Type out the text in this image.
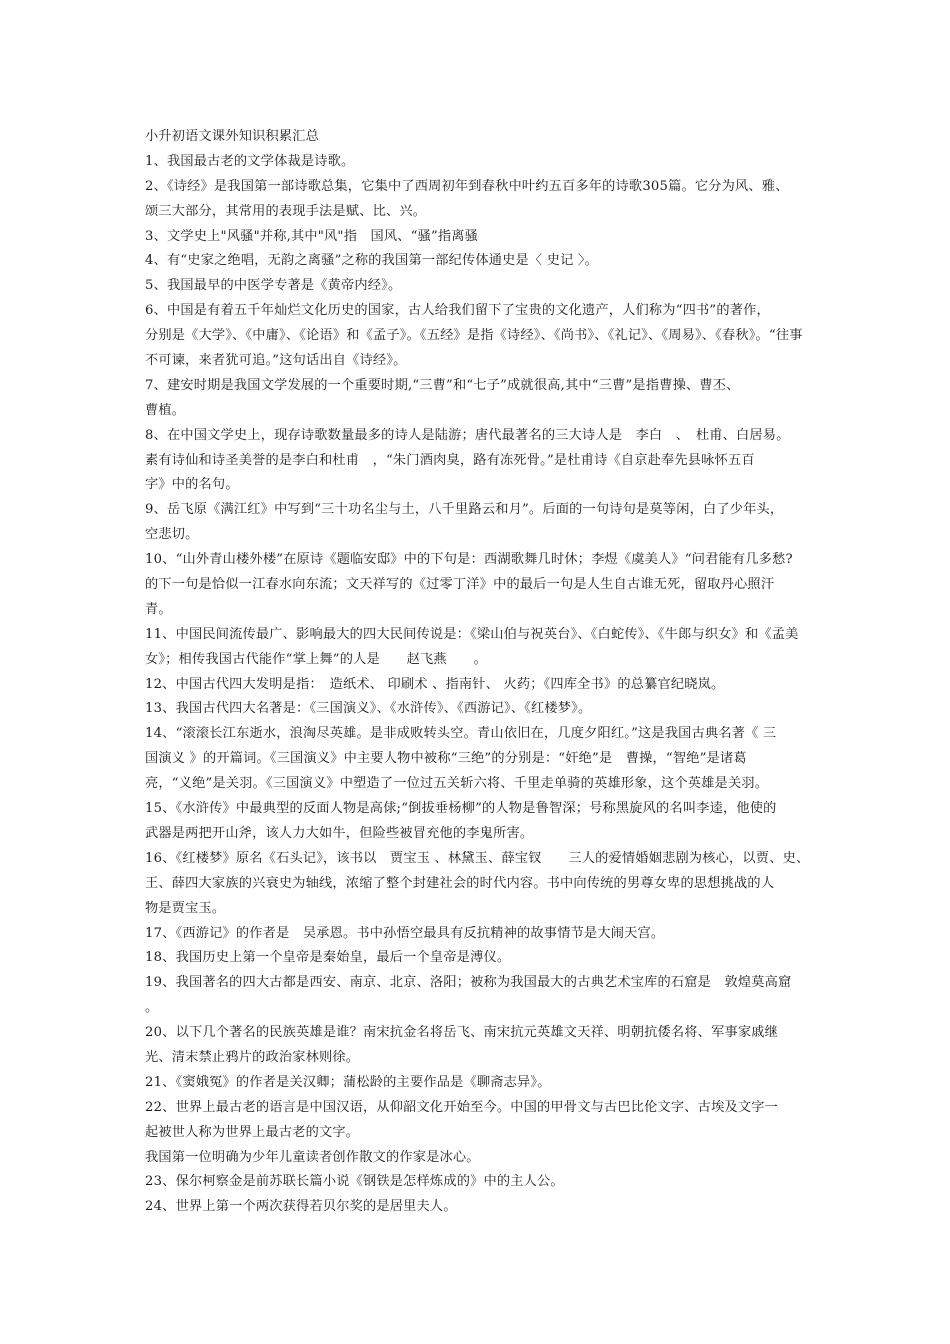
小升初语文课外知识积累汇总
1、我国最古老的文学体裁是诗歌。
2、《诗经》是我国第一部诗歌总集，它集中了西周初年到春秋中叶约五百多年的诗歌305篇。它分为风、雅、
颂三大部分，其常用的表现手法是赋、比、兴。
3、文学史上"风骚"并称,其中"风"指　国风、“骚”指离骚
4、有“史家之绝唱，无韵之离骚”之称的我国第一部纪传体通史是〈 史记 〉。
5、我国最早的中医学专著是《黄帝内经》。
6、中国是有着五千年灿烂文化历史的国家，古人给我们留下了宝贵的文化遗产，人们称为“四书”的著作，
分别是《大学》、《中庸》、《论语》和《孟子》。《五经》是指《诗经》、《尚书》、《礼记》、《周易》、《春秋》。“往事
不可谏，来者犹可追。”这句话出自《诗经》。
7、建安时期是我国文学发展的一个重要时期,“三曹”和“七子”成就很高,其中“三曹”是指曹操、曹丕、
曹植。
8、在中国文学史上，现存诗歌数量最多的诗人是陆游；唐代最著名的三大诗人是　李白　、　杜甫、白居易。
素有诗仙和诗圣美誉的是李白和杜甫　，“朱门酒肉臭，路有冻死骨。”是杜甫诗《自京赴奉先县咏怀五百
字》中的名句。
9、岳飞原《满江红》中写到“三十功名尘与土，八千里路云和月”。后面的一句诗句是莫等闲，白了少年头，
空悲切。
10、“山外青山楼外楼”在原诗《题临安邸》中的下句是：西湖歌舞几时休；李煜《虞美人》“问君能有几多愁?
的下一句是恰似一江春水向东流；文天祥写的《过零丁洋》中的最后一句是人生自古谁无死，留取丹心照汗
青。
11、中国民间流传最广、影响最大的四大民间传说是：《梁山伯与祝英台》、《白蛇传》、《牛郎与织女》和《孟美
女》；相传我国古代能作“掌上舞”的人是　　赵飞燕　　。
12、中国古代四大发明是指：　造纸术、 印刷术 、指南针、 火药；《四库全书》的总纂官纪晓岚。
13、我国古代四大名著是：《三国演义》、《水浒传》、《西游记》、《红楼梦》。
14、“滚滚长江东逝水，浪淘尽英雄。是非成败转头空。青山依旧在，几度夕阳红。”这是我国古典名著《 三
国演义 》的开篇词。《三国演义》中主要人物中被称“三绝”的分别是：“奸绝”是　曹操，“智绝”是诸葛
亮，“义绝”是关羽。《三国演义》中塑造了一位过五关斩六将、千里走单骑的英雄形象，这个英雄是关羽。
15、《水浒传》中最典型的反面人物是高俅;“倒拔垂杨柳”的人物是鲁智深；号称黑旋风的名叫李逵，他使的
武器是两把开山斧，该人力大如牛，但险些被冒充他的李鬼所害。
16、《红楼梦》原名《石头记》，该书以　贾宝玉 、林黛玉、薛宝钗　　三人的爱情婚姻悲剧为核心，以贾、史、
王、薛四大家族的兴衰史为轴线，浓缩了整个封建社会的时代内容。书中向传统的男尊女卑的思想挑战的人
物是贾宝玉。
17、《西游记》的作者是　吴承恩。书中孙悟空最具有反抗精神的故事情节是大闹天宫。
18、我国历史上第一个皇帝是秦始皇，最后一个皇帝是溥仪。
19、我国著名的四大古都是西安、南京、北京、洛阳；被称为我国最大的古典艺术宝库的石窟是　敦煌莫高窟
。
20、以下几个著名的民族英雄是谁？南宋抗金名将岳飞、南宋抗元英雄文天祥、明朝抗倭名将、军事家戚继
光、清末禁止鸦片的政治家林则徐。
21、《窦娥冤》的作者是关汉卿；蒲松龄的主要作品是《聊斋志异》。
22、世界上最古老的语言是中国汉语，从仰韶文化开始至今。中国的甲骨文与古巴比伦文字、古埃及文字一
起被世人称为世界上最古老的文字。
我国第一位明确为少年儿童读者创作散文的作家是冰心。
23、保尔柯察金是前苏联长篇小说《钢铁是怎样炼成的》中的主人公。
24、世界上第一个两次获得若贝尔奖的是居里夫人。
